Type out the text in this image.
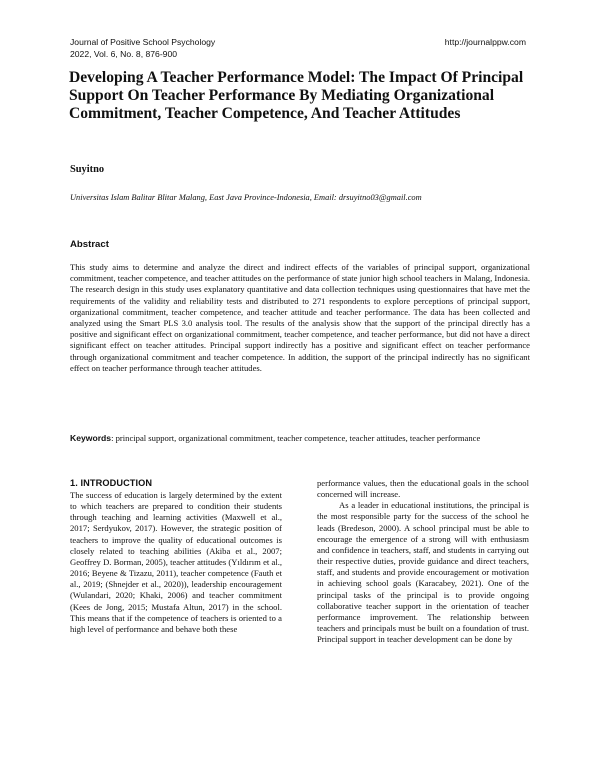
Journal of Positive School Psychology
2022, Vol. 6, No. 8, 876-900
http://journalppw.com
Developing A Teacher Performance Model: The Impact Of Principal Support On Teacher Performance By Mediating Organizational Commitment, Teacher Competence, And Teacher Attitudes
Suyitno
Universitas Islam Balitar Blitar Malang, East Java Province-Indonesia, Email: drsuyitno03@gmail.com
Abstract
This study aims to determine and analyze the direct and indirect effects of the variables of principal support, organizational commitment, teacher competence, and teacher attitudes on the performance of state junior high school teachers in Malang, Indonesia. The research design in this study uses explanatory quantitative and data collection techniques using questionnaires that have met the requirements of the validity and reliability tests and distributed to 271 respondents to explore perceptions of principal support, organizational commitment, teacher competence, and teacher attitude and teacher performance. The data has been collected and analyzed using the Smart PLS 3.0 analysis tool. The results of the analysis show that the support of the principal directly has a positive and significant effect on organizational commitment, teacher competence, and teacher performance, but did not have a direct significant effect on teacher attitudes. Principal support indirectly has a positive and significant effect on teacher performance through organizational commitment and teacher competence. In addition, the support of the principal indirectly has no significant effect on teacher performance through teacher attitudes.
Keywords: principal support, organizational commitment, teacher competence, teacher attitudes, teacher performance
1. INTRODUCTION

The success of education is largely determined by the extent to which teachers are prepared to condition their students through teaching and learning activities (Maxwell et al., 2017; Serdyukov, 2017). However, the strategic position of teachers to improve the quality of educational outcomes is closely related to teaching abilities (Akiba et al., 2007; Geoffrey D. Borman, 2005), teacher attitudes (Yıldırım et al., 2016; Beyene & Tizazu, 2011), teacher competence (Fauth et al., 2019; (Shnejder et al., 2020)), leadership encouragement (Wulandari, 2020; Khaki, 2006) and teacher commitment (Kees de Jong, 2015; Mustafa Altun, 2017) in the school. This means that if the competence of teachers is oriented to a high level of performance and behave both these

performance values, then the educational goals in the school concerned will increase.

As a leader in educational institutions, the principal is the most responsible party for the success of the school he leads (Bredeson, 2000). A school principal must be able to encourage the emergence of a strong will with enthusiasm and confidence in teachers, staff, and students in carrying out their respective duties, provide guidance and direct teachers, staff, and students and provide encouragement or motivation in achieving school goals (Karacabey, 2021). One of the principal tasks of the principal is to provide ongoing collaborative teacher support in the orientation of teacher performance improvement. The relationship between teachers and principals must be built on a foundation of trust. Principal support in teacher development can be done by
